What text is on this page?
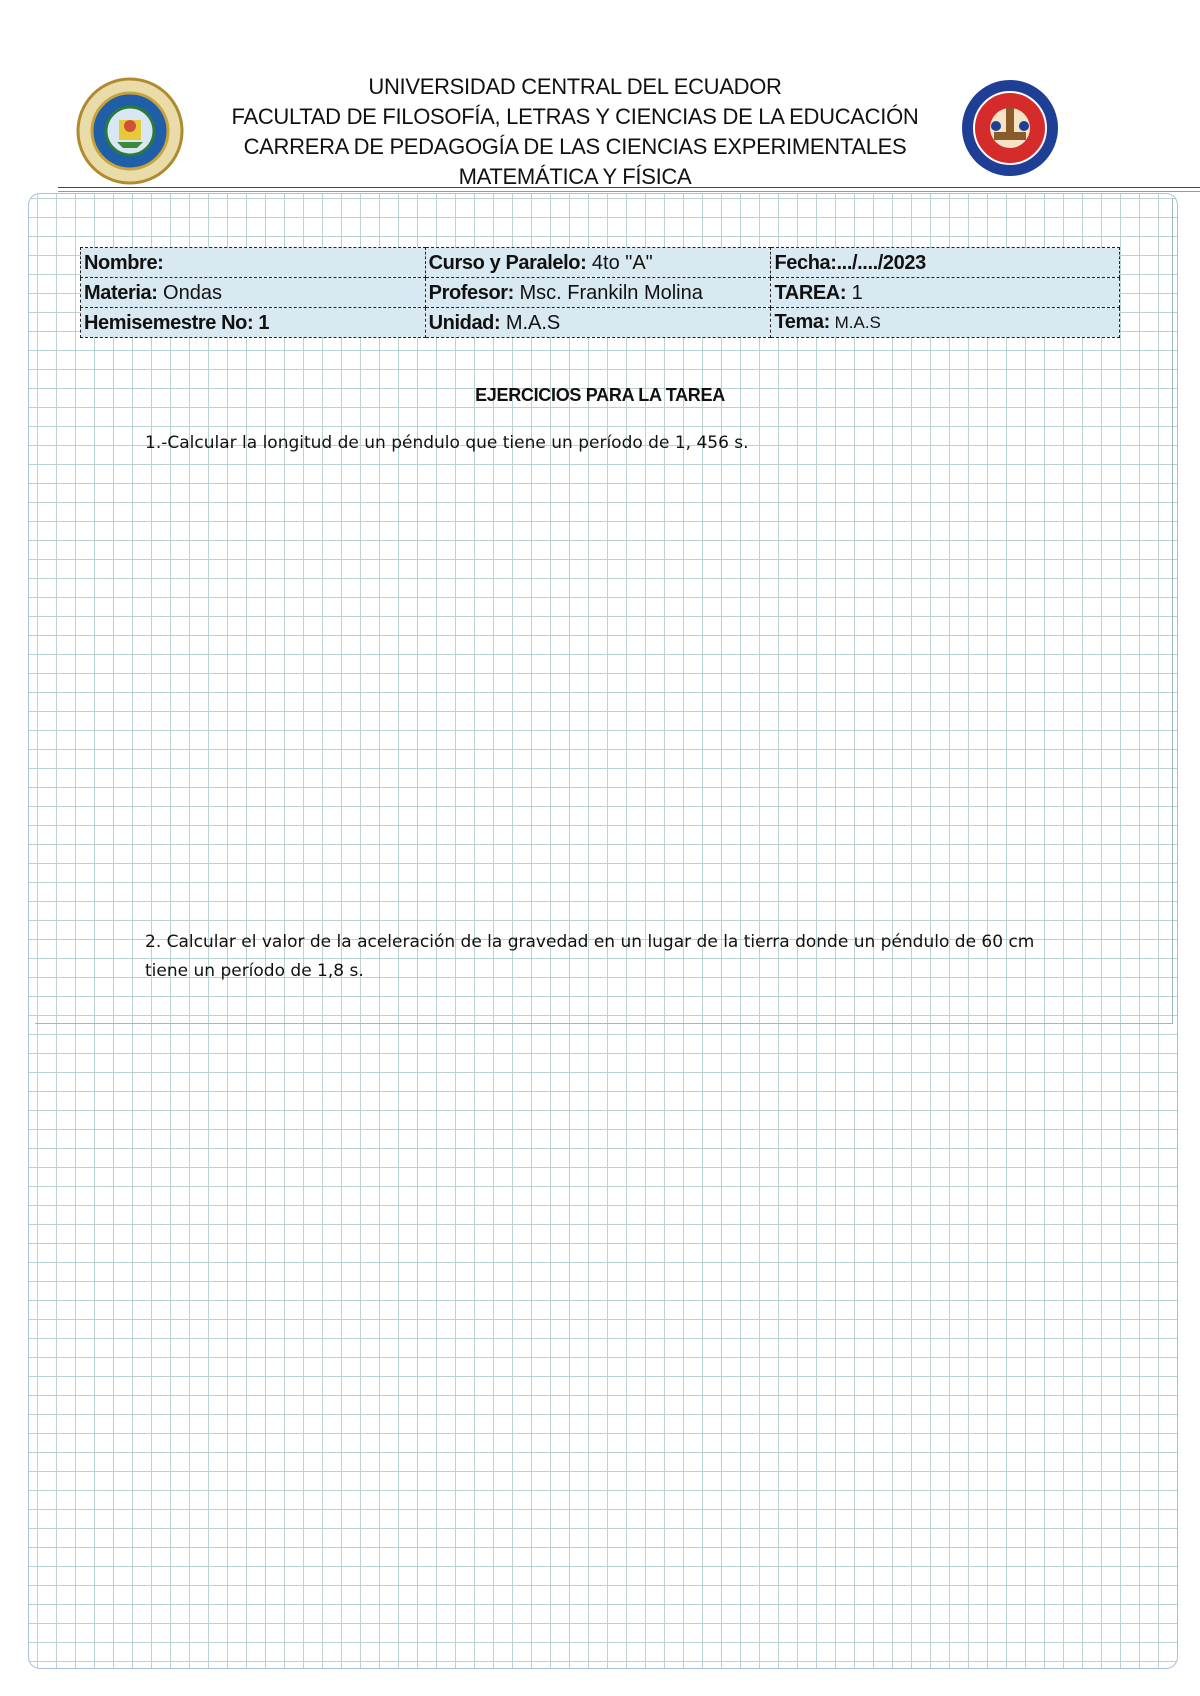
UNIVERSIDAD CENTRAL DEL ECUADOR
FACULTAD DE FILOSOFÍA, LETRAS Y CIENCIAS DE LA EDUCACIÓN
CARRERA DE PEDAGOGÍA DE LAS CIENCIAS EXPERIMENTALES
MATEMÁTICA Y FÍSICA
Nombre:	Curso y Paralelo: 4to "A"	Fecha:.../..../2023
Materia: Ondas	Profesor: Msc. Frankiln Molina	TAREA: 1
Hemisemestre No: 1	Unidad: M.A.S	Tema: M.A.S
EJERCICIOS PARA LA TAREA
1.-Calcular la longitud de un péndulo que tiene un período de 1, 456 s.
2. Calcular el valor de la aceleración de la gravedad en un lugar de la tierra donde un péndulo de 60 cm tiene un período de 1,8 s.
